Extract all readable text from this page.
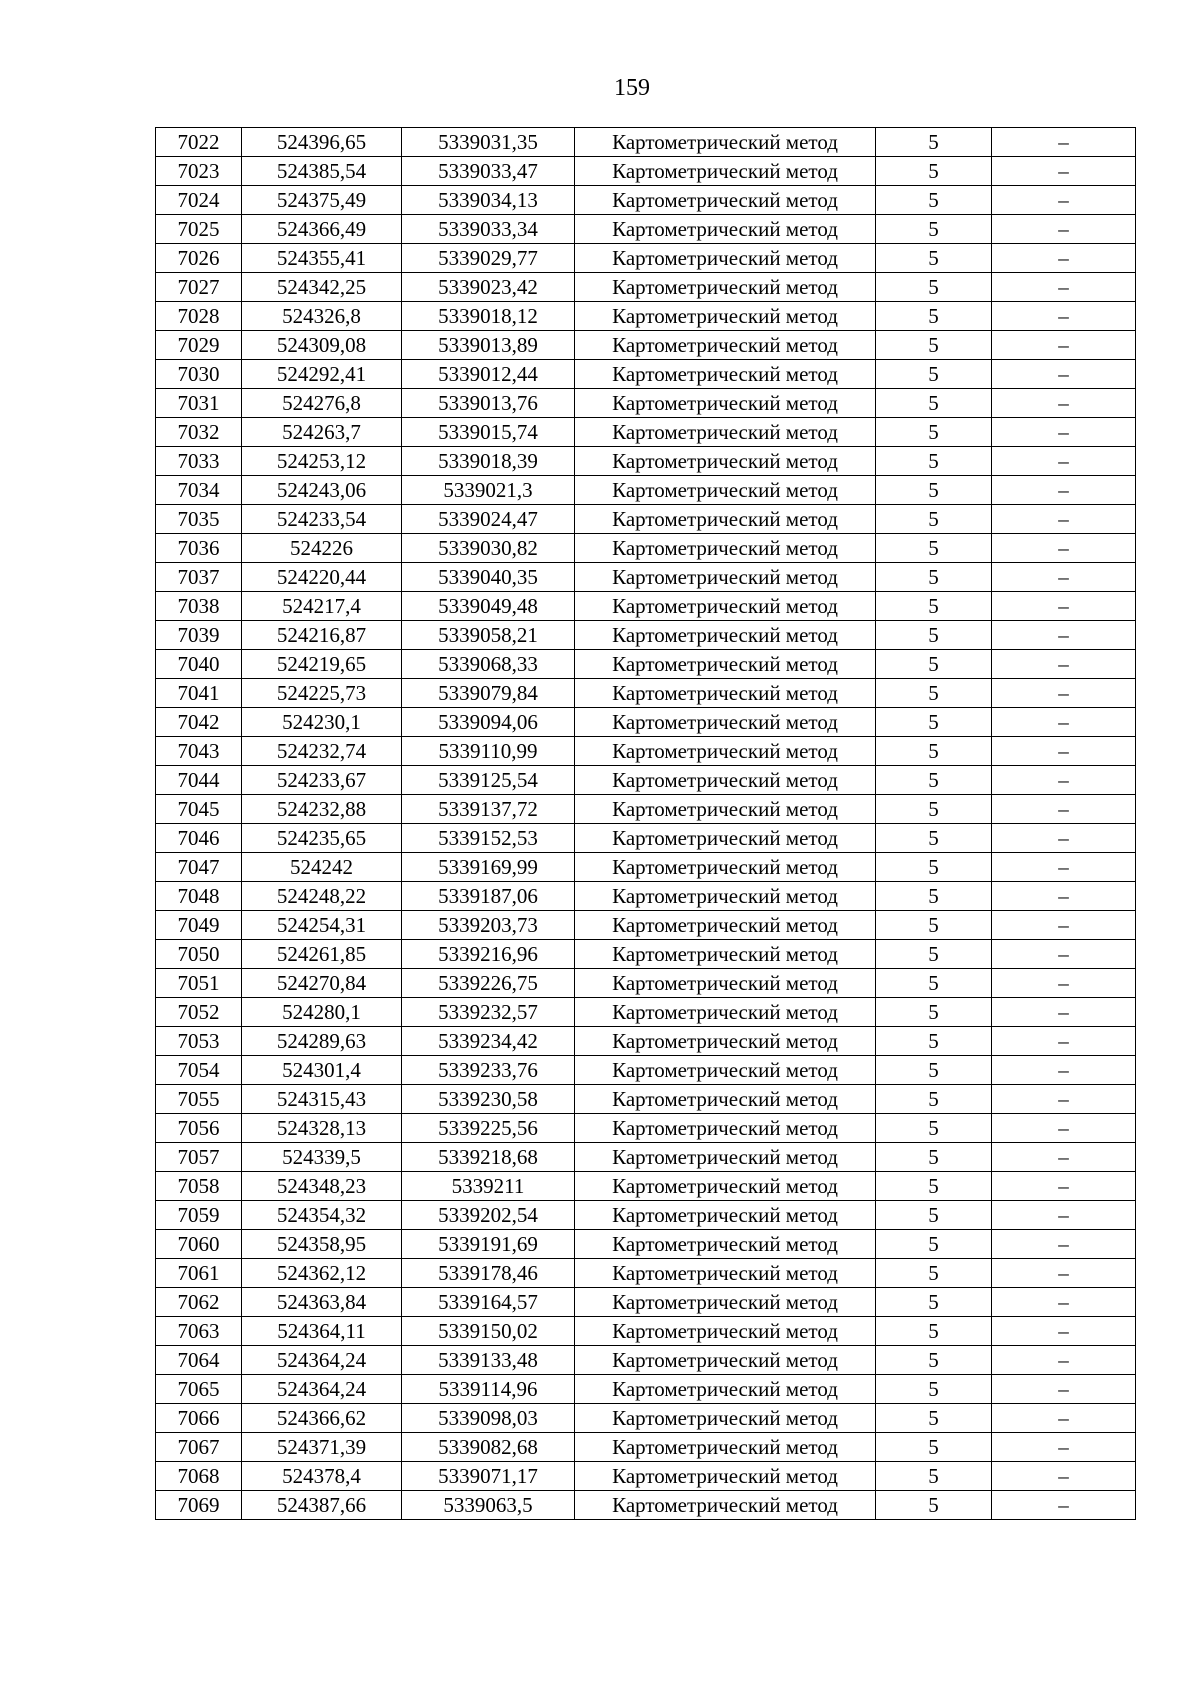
159
7022	524396,65	5339031,35	Картометрический метод	5	–
7023	524385,54	5339033,47	Картометрический метод	5	–
7024	524375,49	5339034,13	Картометрический метод	5	–
7025	524366,49	5339033,34	Картометрический метод	5	–
7026	524355,41	5339029,77	Картометрический метод	5	–
7027	524342,25	5339023,42	Картометрический метод	5	–
7028	524326,8	5339018,12	Картометрический метод	5	–
7029	524309,08	5339013,89	Картометрический метод	5	–
7030	524292,41	5339012,44	Картометрический метод	5	–
7031	524276,8	5339013,76	Картометрический метод	5	–
7032	524263,7	5339015,74	Картометрический метод	5	–
7033	524253,12	5339018,39	Картометрический метод	5	–
7034	524243,06	5339021,3	Картометрический метод	5	–
7035	524233,54	5339024,47	Картометрический метод	5	–
7036	524226	5339030,82	Картометрический метод	5	–
7037	524220,44	5339040,35	Картометрический метод	5	–
7038	524217,4	5339049,48	Картометрический метод	5	–
7039	524216,87	5339058,21	Картометрический метод	5	–
7040	524219,65	5339068,33	Картометрический метод	5	–
7041	524225,73	5339079,84	Картометрический метод	5	–
7042	524230,1	5339094,06	Картометрический метод	5	–
7043	524232,74	5339110,99	Картометрический метод	5	–
7044	524233,67	5339125,54	Картометрический метод	5	–
7045	524232,88	5339137,72	Картометрический метод	5	–
7046	524235,65	5339152,53	Картометрический метод	5	–
7047	524242	5339169,99	Картометрический метод	5	–
7048	524248,22	5339187,06	Картометрический метод	5	–
7049	524254,31	5339203,73	Картометрический метод	5	–
7050	524261,85	5339216,96	Картометрический метод	5	–
7051	524270,84	5339226,75	Картометрический метод	5	–
7052	524280,1	5339232,57	Картометрический метод	5	–
7053	524289,63	5339234,42	Картометрический метод	5	–
7054	524301,4	5339233,76	Картометрический метод	5	–
7055	524315,43	5339230,58	Картометрический метод	5	–
7056	524328,13	5339225,56	Картометрический метод	5	–
7057	524339,5	5339218,68	Картометрический метод	5	–
7058	524348,23	5339211	Картометрический метод	5	–
7059	524354,32	5339202,54	Картометрический метод	5	–
7060	524358,95	5339191,69	Картометрический метод	5	–
7061	524362,12	5339178,46	Картометрический метод	5	–
7062	524363,84	5339164,57	Картометрический метод	5	–
7063	524364,11	5339150,02	Картометрический метод	5	–
7064	524364,24	5339133,48	Картометрический метод	5	–
7065	524364,24	5339114,96	Картометрический метод	5	–
7066	524366,62	5339098,03	Картометрический метод	5	–
7067	524371,39	5339082,68	Картометрический метод	5	–
7068	524378,4	5339071,17	Картометрический метод	5	–
7069	524387,66	5339063,5	Картометрический метод	5	–
